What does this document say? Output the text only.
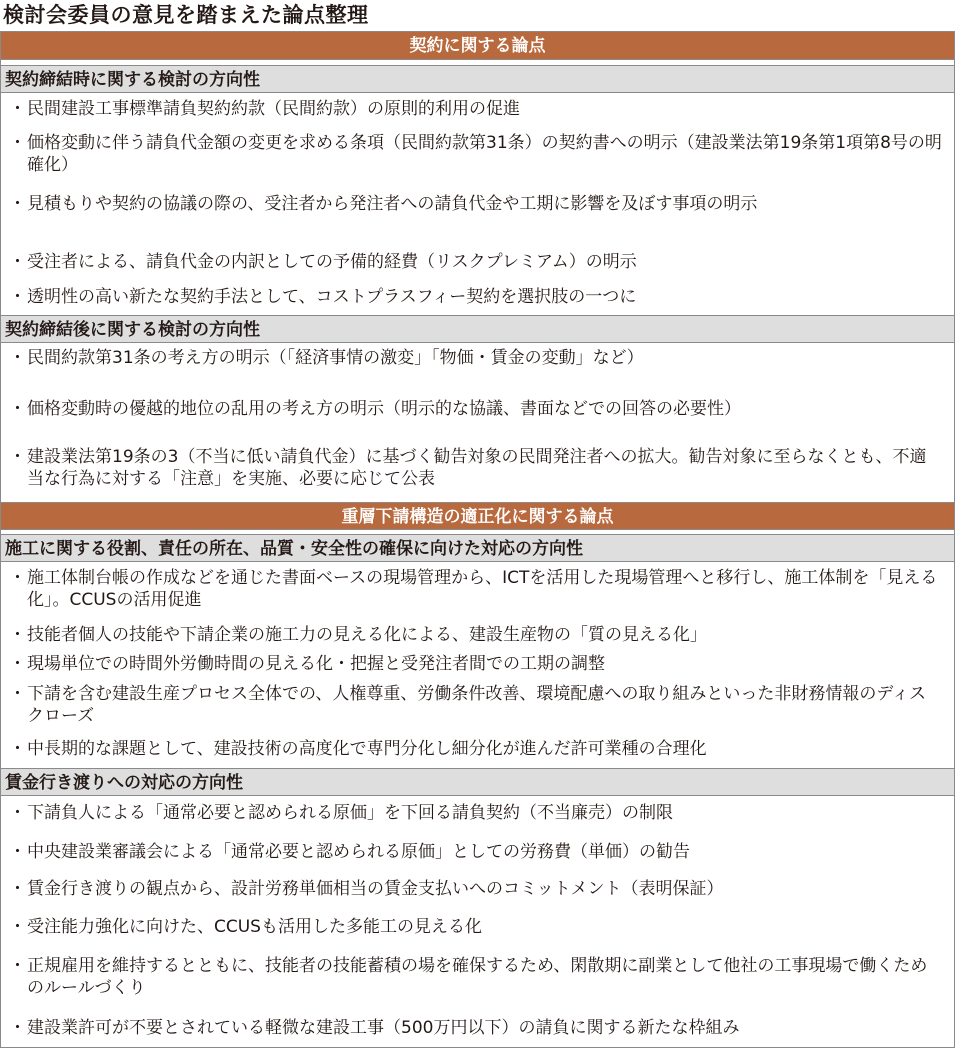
検討会委員の意見を踏まえた論点整理
契約に関する論点
契約締結時に関する検討の方向性
・ 民間建設工事標準請負契約約款（民間約款）の原則的利用の促進
・ 価格変動に伴う請負代金額の変更を求める条項（民間約款第31条）の契約書への明示（建設業法第19条第1項第8号の明確化）
・ 見積もりや契約の協議の際の、受注者から発注者への請負代金や工期に影響を及ぼす事項の明示
・ 受注者による、請負代金の内訳としての予備的経費（リスクプレミアム）の明示
・ 透明性の高い新たな契約手法として、コストプラスフィー契約を選択肢の一つに
契約締結後に関する検討の方向性
・ 民間約款第31条の考え方の明示（「経済事情の激変」「物価・賃金の変動」など）
・ 価格変動時の優越的地位の乱用の考え方の明示（明示的な協議、書面などでの回答の必要性）
・ 建設業法第19条の3（不当に低い請負代金）に基づく勧告対象の民間発注者への拡大。勧告対象に至らなくとも、不適当な行為に対する「注意」を実施、必要に応じて公表
重層下請構造の適正化に関する論点
施工に関する役割、責任の所在、品質・安全性の確保に向けた対応の方向性
・ 施工体制台帳の作成などを通じた書面ベースの現場管理から、ICTを活用した現場管理へと移行し、施工体制を「見える化」。CCUSの活用促進
・ 技能者個人の技能や下請企業の施工力の見える化による、建設生産物の「質の見える化」
・ 現場単位での時間外労働時間の見える化・把握と受発注者間での工期の調整
・ 下請を含む建設生産プロセス全体での、人権尊重、労働条件改善、環境配慮への取り組みといった非財務情報のディスクローズ
・ 中長期的な課題として、建設技術の高度化で専門分化し細分化が進んだ許可業種の合理化
賃金行き渡りへの対応の方向性
・ 下請負人による「通常必要と認められる原価」を下回る請負契約（不当廉売）の制限
・ 中央建設業審議会による「通常必要と認められる原価」としての労務費（単価）の勧告
・ 賃金行き渡りの観点から、設計労務単価相当の賃金支払いへのコミットメント（表明保証）
・ 受注能力強化に向けた、CCUSも活用した多能工の見える化
・ 正規雇用を維持するとともに、技能者の技能蓄積の場を確保するため、閑散期に副業として他社の工事現場で働くためのルールづくり
・ 建設業許可が不要とされている軽微な建設工事（500万円以下）の請負に関する新たな枠組み
